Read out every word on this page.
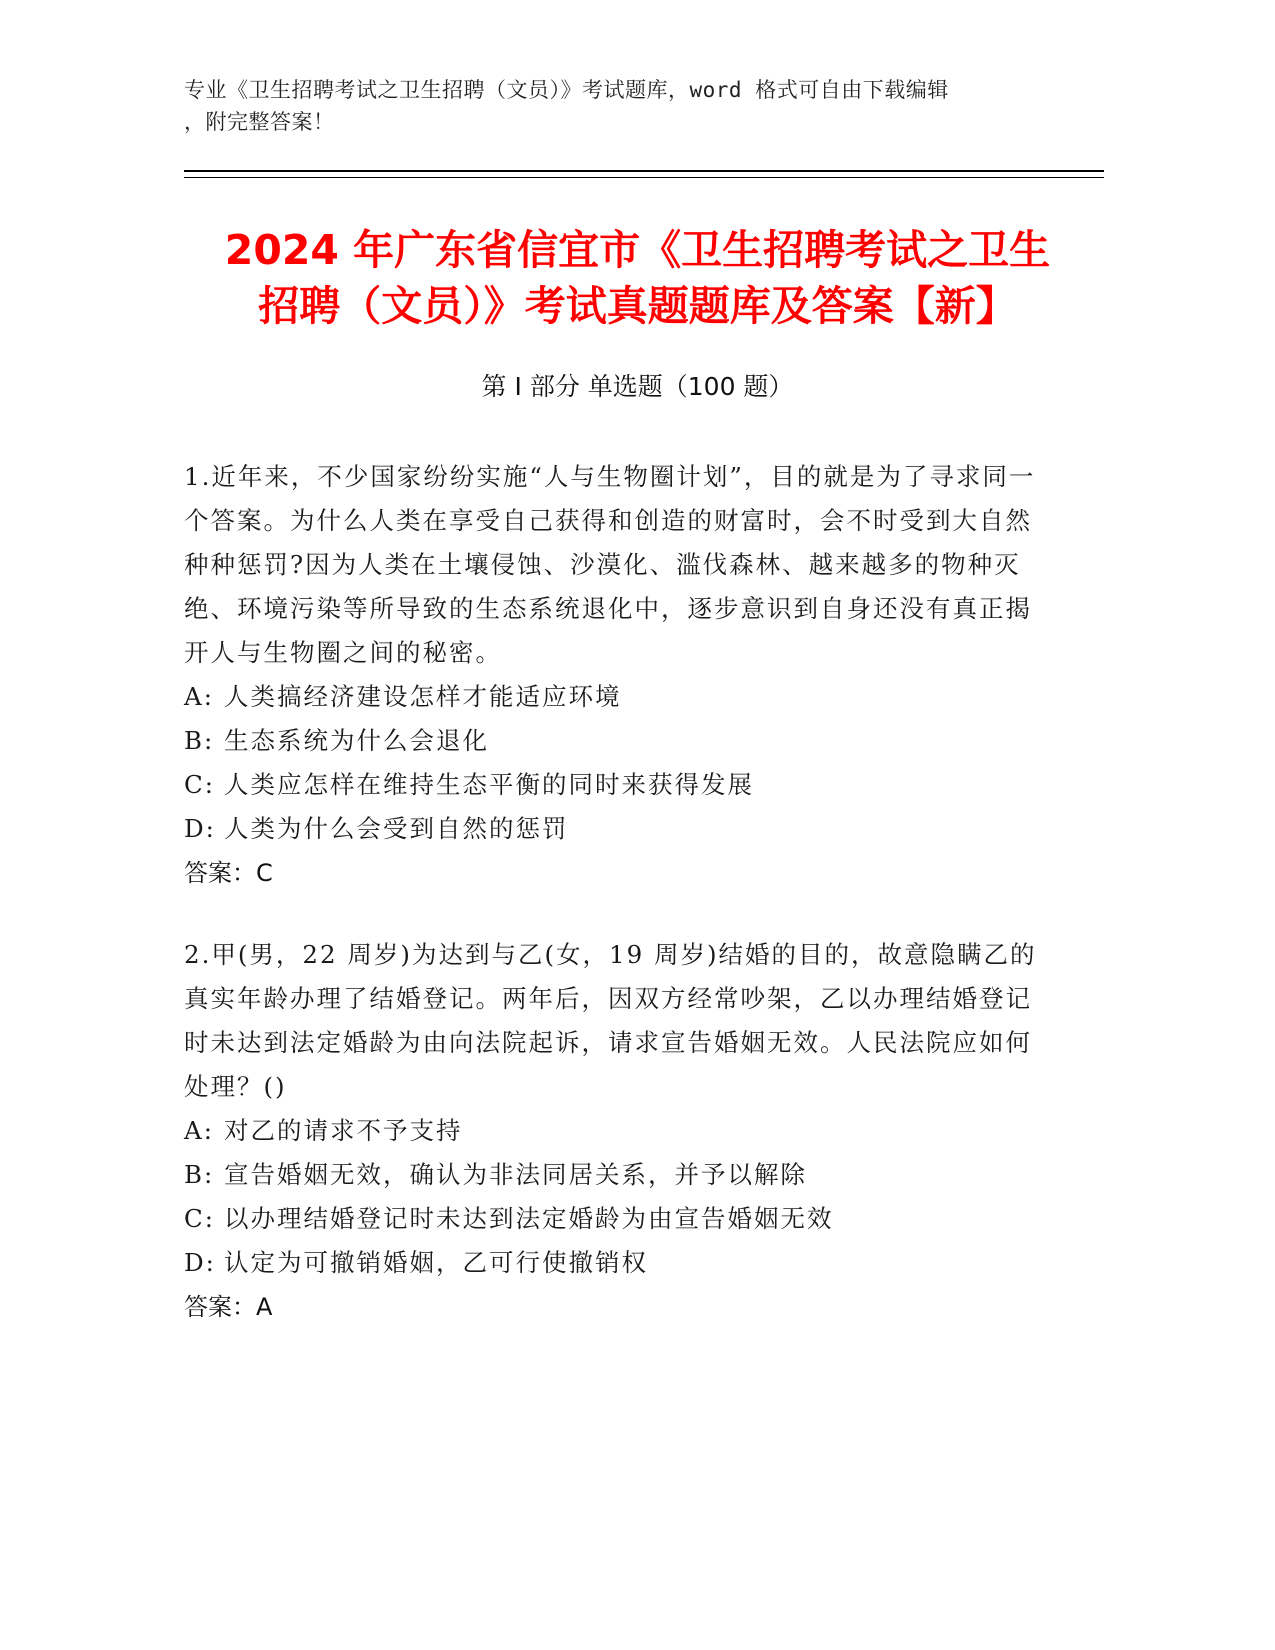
专业《卫生招聘考试之卫生招聘（文员）》考试题库，word 格式可自由下载编辑
，附完整答案！
2024 年广东省信宜市《卫生招聘考试之卫生
招聘（文员）》考试真题题库及答案【新】
第 I 部分 单选题（100 题）
1.近年来，不少国家纷纷实施“人与生物圈计划”，目的就是为了寻求同一个答案。为什么人类在享受自己获得和创造的财富时，会不时受到大自然种种惩罚?因为人类在土壤侵蚀、沙漠化、滥伐森林、越来越多的物种灭绝、环境污染等所导致的生态系统退化中，逐步意识到自身还没有真正揭开人与生物圈之间的秘密。
A: 人类搞经济建设怎样才能适应环境
B: 生态系统为什么会退化
C: 人类应怎样在维持生态平衡的同时来获得发展
D: 人类为什么会受到自然的惩罚
答案：C
2.甲(男，22 周岁)为达到与乙(女，19 周岁)结婚的目的，故意隐瞒乙的真实年龄办理了结婚登记。两年后，因双方经常吵架，乙以办理结婚登记时未达到法定婚龄为由向法院起诉，请求宣告婚姻无效。人民法院应如何处理？()
A: 对乙的请求不予支持
B: 宣告婚姻无效，确认为非法同居关系，并予以解除
C: 以办理结婚登记时未达到法定婚龄为由宣告婚姻无效
D: 认定为可撤销婚姻，乙可行使撤销权
答案：A
